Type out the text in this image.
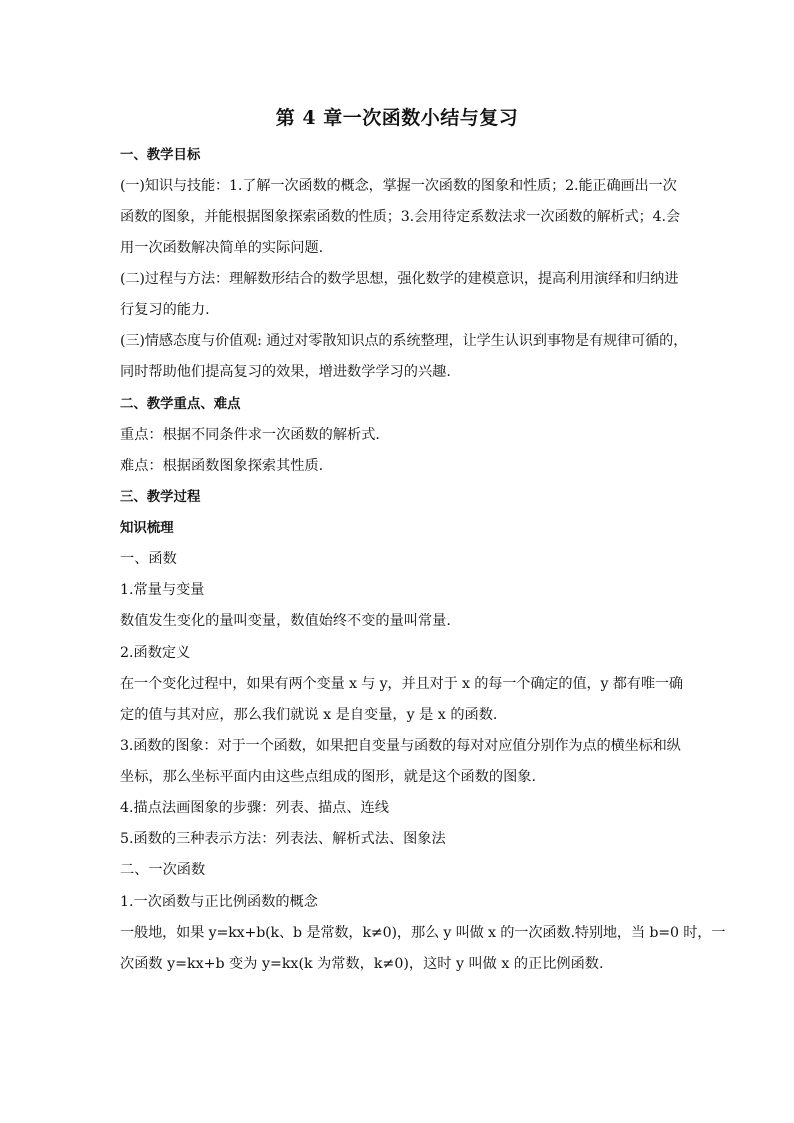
第 4 章一次函数小结与复习
一、教学目标
(一)知识与技能：1.了解一次函数的概念，掌握一次函数的图象和性质；2.能正确画出一次
函数的图象，并能根据图象探索函数的性质；3.会用待定系数法求一次函数的解析式；4.会
用一次函数解决简单的实际问题.
(二)过程与方法：理解数形结合的数学思想，强化数学的建模意识，提高利用演绎和归纳进
行复习的能力.
(三)情感态度与价值观: 通过对零散知识点的系统整理，让学生认识到事物是有规律可循的，
同时帮助他们提高复习的效果，增进数学学习的兴趣.
二、教学重点、难点
重点：根据不同条件求一次函数的解析式.
难点：根据函数图象探索其性质.
三、教学过程
知识梳理
一、函数
1.常量与变量
数值发生变化的量叫变量，数值始终不变的量叫常量.
2.函数定义
在一个变化过程中，如果有两个变量 x 与 y，并且对于 x 的每一个确定的值，y 都有唯一确
定的值与其对应，那么我们就说 x 是自变量，y 是 x 的函数.
3.函数的图象：对于一个函数，如果把自变量与函数的每对对应值分别作为点的横坐标和纵
坐标，那么坐标平面内由这些点组成的图形，就是这个函数的图象.
4.描点法画图象的步骤：列表、描点、连线
5.函数的三种表示方法：列表法、解析式法、图象法
二、一次函数
1.一次函数与正比例函数的概念
一般地，如果 y=kx+b(k、b 是常数，k≠0)，那么 y 叫做 x 的一次函数.特别地，当 b=0 时，一
次函数 y=kx+b 变为 y=kx(k 为常数，k≠0)，这时 y 叫做 x 的正比例函数.
